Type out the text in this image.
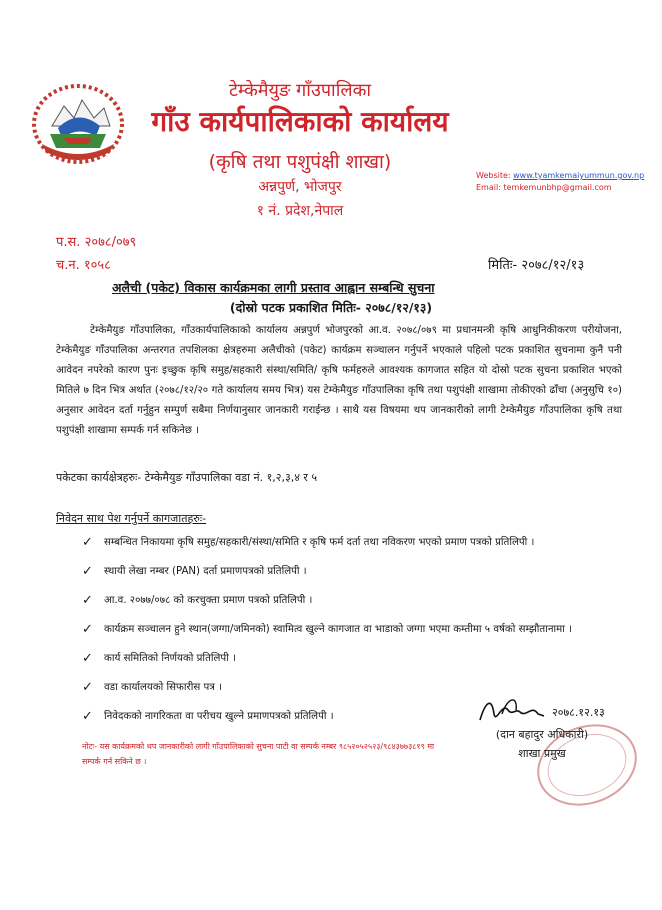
टेम्केमैयुङ गाँउपालिका
गाँउ कार्यपालिकाको कार्यालय
(कृषि तथा पशुपंक्षी शाखा)
अन्नपुर्ण, भोजपुर
१ नं. प्रदेश,नेपाल
Website: www.tyamkemaiyummun.gov.np
Email: temkemunbhp@gmail.com
प.स. २०७८/०७९
च.न. १०५८	मितिः- २०७८/१२/१३
अलैची (पकेट) विकास कार्यक्रमका लागी प्रस्ताव आह्वान सम्बन्धि सुचना
(दोस्रो पटक प्रकाशित मितिः- २०७८/१२/१३)

टेम्केमैयुङ गाँउपालिका, गाँउकार्यपालिकाको कार्यालय अन्नपुर्ण भोजपुरको आ.व. २०७८/०७९ मा प्रधानमन्त्री कृषि आधुनिकीकरण परीयोजना, टेम्केमैयुङ गाँउपालिका अन्तरगत तपशिलका क्षेत्रहरुमा अलैचीको (पकेट) कार्यक्रम सञ्चालन गर्नुपर्ने भएकाले पहिलो पटक प्रकाशित सुचनामा कुनै पनी आवेदन नपरेको कारण पुनः इच्छुक कृषि समुह/सहकारी संस्था/समिति/ कृषि फर्महरुले आवश्यक कागजात सहित यो दोस्रो पटक सुचना प्रकाशित भएको मितिले ७ दिन भित्र अर्थात (२०७८/१२/२० गते कार्यालय समय भित्र) यस टेम्केमैयुङ गाँउपालिका कृषि तथा पशुपंक्षी शाखामा तोकीएको ढाँचा (अनुसुचि १०) अनुसार आवेदन दर्ता गर्नुहुन सम्पुर्ण सबैमा निर्णयानुसार जानकारी गराईन्छ । साथै यस विषयमा थप जानकारीको लागी टेम्केमैयुङ गाँउपालिका कृषि तथा पशुपंक्षी शाखामा सम्पर्क गर्न सकिनेछ ।

पकेटका कार्यक्षेत्रहरुः- टेम्केमैयुङ गाँउपालिका वडा नं. १,२,३,४ र ५
निवेदन साथ पेश गर्नुपर्ने कागजातहरुः-
✓ सम्बन्धित निकायमा कृषि समुह/सहकारी/संस्था/समिति र कृषि फर्म दर्ता तथा नविकरण भएको प्रमाण पत्रको प्रतिलिपी ।
✓ स्थायी लेखा नम्बर (PAN) दर्ता प्रमाणपत्रको प्रतिलिपी ।
✓ आ.व. २०७७/०७८ को करचुक्ता प्रमाण पत्रको प्रतिलिपी ।
✓ कार्यक्रम सञ्चालन हुने स्थान(जग्गा/जमिनको) स्वामित्व खुल्ने कागजात वा भाडाको जग्गा भएमा कम्तीमा ५ वर्षको सम्झौतानामा ।
✓ कार्य समितिको निर्णयको प्रतिलिपी ।
✓ वडा कार्यालयको सिफारीस पत्र ।
✓ निवेदकको नागरिकता वा परीचय खुल्ने प्रमाणपत्रको प्रतिलिपी ।	२०७८.१२.१३
(दान बहादुर अधिकारी)
शाखा प्रमुख
नोटः- यस कार्यक्रमको थप जानकारीको लागी गाँउपालिकाको सुचना पाटी वा सम्पर्क नम्बर ९८५२०५२५२३/९८४३७७३८१९ मा सम्पर्क गर्न सकिने छ ।
